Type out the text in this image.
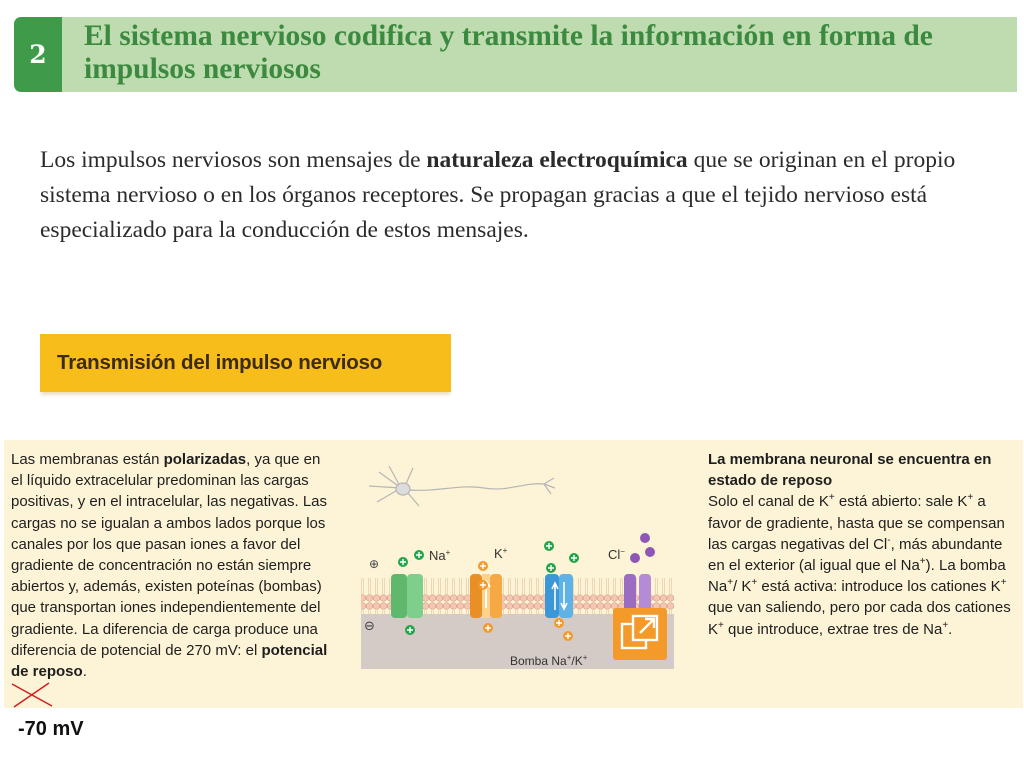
2
El sistema nervioso codifica y transmite la información en forma de impulsos nerviosos

Los impulsos nerviosos son mensajes de naturaleza electroquímica que se originan en el propio sistema nervioso o en los órganos receptores. Se propagan gracias a que el tejido nervioso está especializado para la conducción de estos mensajes.

Transmisión del impulso nervioso
Las membranas están polarizadas, ya que en el líquido extracelular predominan las cargas positivas, y en el intracelular, las negativas. Las cargas no se igualan a ambos lados porque los canales por los que pasan iones a favor del gradiente de concentración no están siempre abiertos y, además, existen poteínas (bombas) que transportan iones independientemente del gradiente. La diferencia de carga produce una diferencia de potencial de 270 mV: el potencial de reposo.
La membrana neuronal se encuentra en estado de reposo
Solo el canal de K+ está abierto: sale K+ a favor de gradiente, hasta que se compensan las cargas negativas del Cl-, más abundante en el exterior (al igual que el Na+). La bomba Na+/ K+ está activa: introduce los cationes K+ que van saliendo, pero por cada dos cationes K+ que introduce, extrae tres de Na+.
⊕
⊖
Na+	K+	Cl−
Bomba Na+/K+
-70 mV
